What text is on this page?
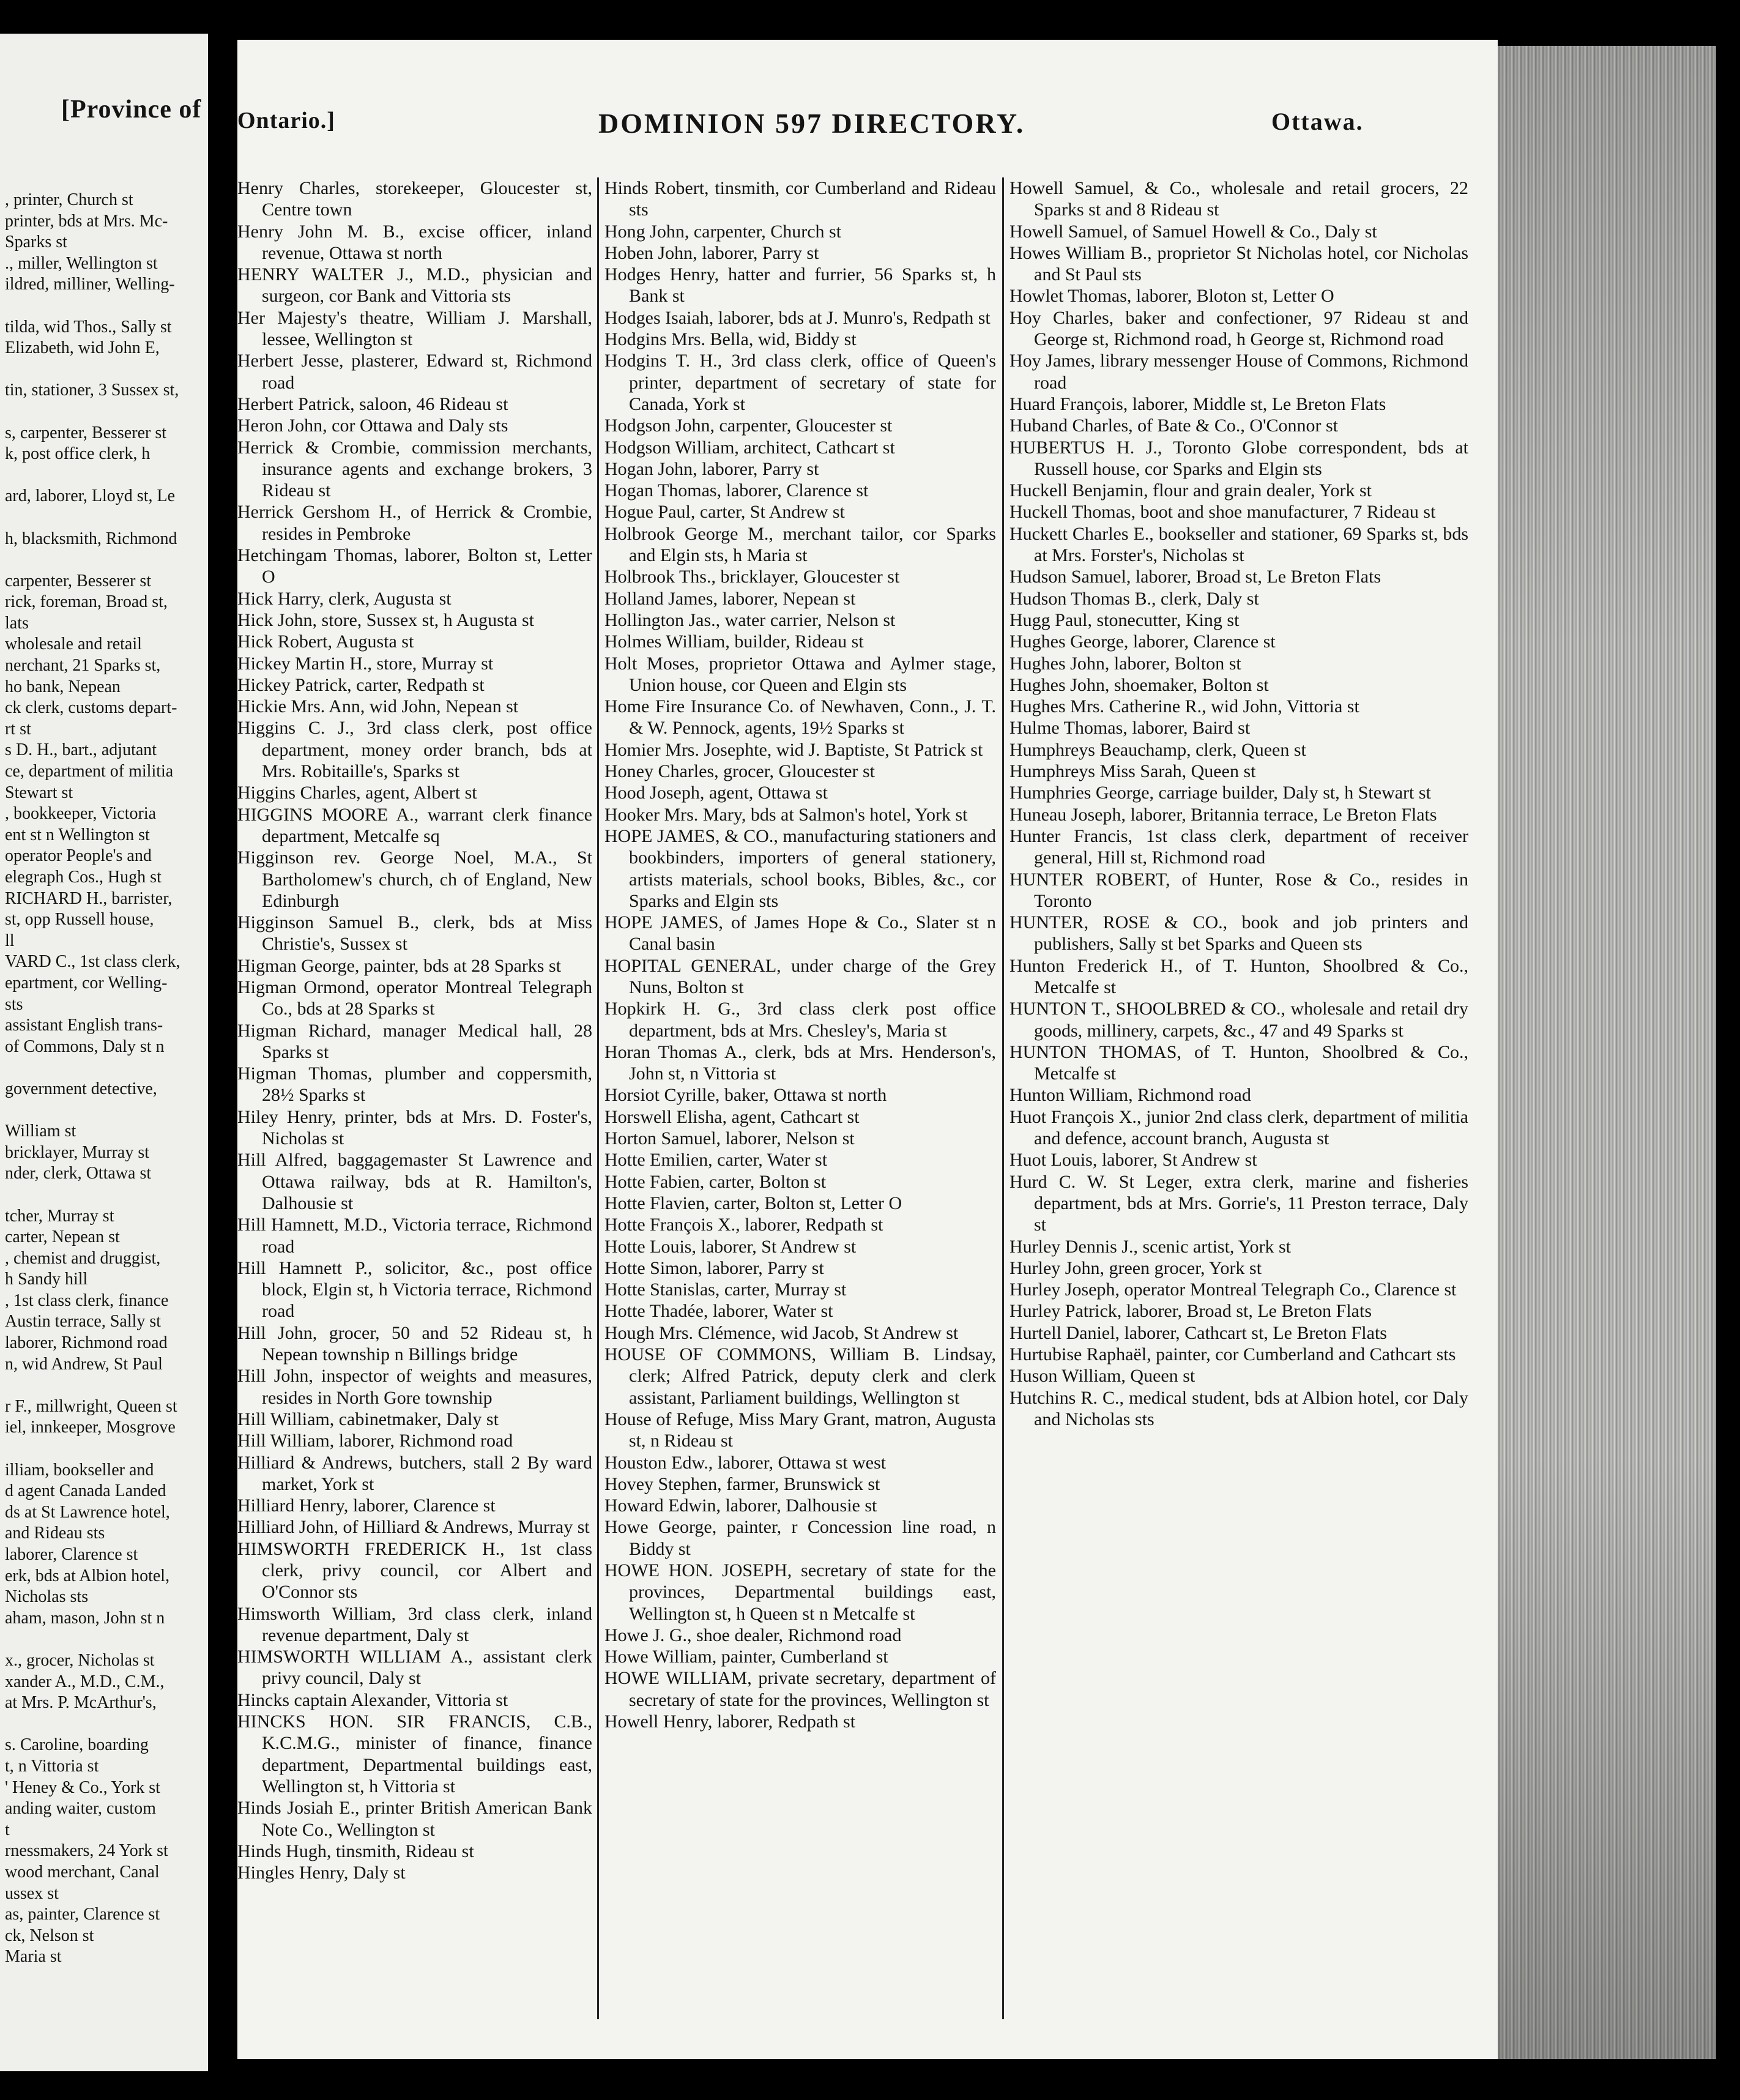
[Province of
, printer, Church st
printer, bds at Mrs. Mc-
Sparks st
., miller, Wellington st
ildred, milliner, Welling-

tilda, wid Thos., Sally st
Elizabeth, wid John E,

tin, stationer, 3 Sussex st,

s, carpenter, Besserer st
k, post office clerk, h

ard, laborer, Lloyd st, Le

h, blacksmith, Richmond

carpenter, Besserer st
rick, foreman, Broad st,
lats
wholesale and retail
nerchant, 21 Sparks st,
ho bank, Nepean
ck clerk, customs depart-
rt st
s D. H., bart., adjutant
ce, department of militia
Stewart st
, bookkeeper, Victoria
ent st n Wellington st
operator People's and
elegraph Cos., Hugh st
RICHARD H., barrister,
st, opp Russell house,
ll
VARD C., 1st class clerk,
epartment, cor Welling-
sts
assistant English trans-
of Commons, Daly st n

government detective,

William st
bricklayer, Murray st
nder, clerk, Ottawa st

tcher, Murray st
carter, Nepean st
, chemist and druggist,
h Sandy hill
, 1st class clerk, finance
Austin terrace, Sally st
laborer, Richmond road
n, wid Andrew, St Paul

r F., millwright, Queen st
iel, innkeeper, Mosgrove

illiam, bookseller and
d agent Canada Landed
ds at St Lawrence hotel,
and Rideau sts
laborer, Clarence st
erk, bds at Albion hotel,
Nicholas sts
aham, mason, John st n

x., grocer, Nicholas st
xander A., M.D., C.M.,
at Mrs. P. McArthur's,

s. Caroline, boarding
t, n Vittoria st
' Heney & Co., York st
anding waiter, custom
t
rnessmakers, 24 York st
wood merchant, Canal
ussex st
as, painter, Clarence st
ck, Nelson st
Maria st
Ontario.]	DOMINION 597 DIRECTORY.	Ottawa.
Henry Charles, storekeeper, Gloucester st, Centre town
Henry John M. B., excise officer, inland revenue, Ottawa st north
HENRY WALTER J., M.D., physician and surgeon, cor Bank and Vittoria sts
Her Majesty's theatre, William J. Marshall, lessee, Wellington st
Herbert Jesse, plasterer, Edward st, Richmond road
Herbert Patrick, saloon, 46 Rideau st
Heron John, cor Ottawa and Daly sts
Herrick & Crombie, commission merchants, insurance agents and exchange brokers, 3 Rideau st
Herrick Gershom H., of Herrick & Crombie, resides in Pembroke
Hetchingam Thomas, laborer, Bolton st, Letter O
Hick Harry, clerk, Augusta st
Hick John, store, Sussex st, h Augusta st
Hick Robert, Augusta st
Hickey Martin H., store, Murray st
Hickey Patrick, carter, Redpath st
Hickie Mrs. Ann, wid John, Nepean st
Higgins C. J., 3rd class clerk, post office department, money order branch, bds at Mrs. Robitaille's, Sparks st
Higgins Charles, agent, Albert st
HIGGINS MOORE A., warrant clerk finance department, Metcalfe sq
Higginson rev. George Noel, M.A., St Bartholomew's church, ch of England, New Edinburgh
Higginson Samuel B., clerk, bds at Miss Christie's, Sussex st
Higman George, painter, bds at 28 Sparks st
Higman Ormond, operator Montreal Telegraph Co., bds at 28 Sparks st
Higman Richard, manager Medical hall, 28 Sparks st
Higman Thomas, plumber and coppersmith, 28½ Sparks st
Hiley Henry, printer, bds at Mrs. D. Foster's, Nicholas st
Hill Alfred, baggagemaster St Lawrence and Ottawa railway, bds at R. Hamilton's, Dalhousie st
Hill Hamnett, M.D., Victoria terrace, Richmond road
Hill Hamnett P., solicitor, &c., post office block, Elgin st, h Victoria terrace, Richmond road
Hill John, grocer, 50 and 52 Rideau st, h Nepean township n Billings bridge
Hill John, inspector of weights and measures, resides in North Gore township
Hill William, cabinetmaker, Daly st
Hill William, laborer, Richmond road
Hilliard & Andrews, butchers, stall 2 By ward market, York st
Hilliard Henry, laborer, Clarence st
Hilliard John, of Hilliard & Andrews, Murray st
HIMSWORTH FREDERICK H., 1st class clerk, privy council, cor Albert and O'Connor sts
Himsworth William, 3rd class clerk, inland revenue department, Daly st
HIMSWORTH WILLIAM A., assistant clerk privy council, Daly st
Hincks captain Alexander, Vittoria st
HINCKS HON. SIR FRANCIS, C.B., K.C.M.G., minister of finance, finance department, Departmental buildings east, Wellington st, h Vittoria st
Hinds Josiah E., printer British American Bank Note Co., Wellington st
Hinds Hugh, tinsmith, Rideau st
Hingles Henry, Daly st
Hinds Robert, tinsmith, cor Cumberland and Rideau sts
Hong John, carpenter, Church st
Hoben John, laborer, Parry st
Hodges Henry, hatter and furrier, 56 Sparks st, h Bank st
Hodges Isaiah, laborer, bds at J. Munro's, Redpath st
Hodgins Mrs. Bella, wid, Biddy st
Hodgins T. H., 3rd class clerk, office of Queen's printer, department of secretary of state for Canada, York st
Hodgson John, carpenter, Gloucester st
Hodgson William, architect, Cathcart st
Hogan John, laborer, Parry st
Hogan Thomas, laborer, Clarence st
Hogue Paul, carter, St Andrew st
Holbrook George M., merchant tailor, cor Sparks and Elgin sts, h Maria st
Holbrook Ths., bricklayer, Gloucester st
Holland James, laborer, Nepean st
Hollington Jas., water carrier, Nelson st
Holmes William, builder, Rideau st
Holt Moses, proprietor Ottawa and Aylmer stage, Union house, cor Queen and Elgin sts
Home Fire Insurance Co. of Newhaven, Conn., J. T. & W. Pennock, agents, 19½ Sparks st
Homier Mrs. Josephte, wid J. Baptiste, St Patrick st
Honey Charles, grocer, Gloucester st
Hood Joseph, agent, Ottawa st
Hooker Mrs. Mary, bds at Salmon's hotel, York st
HOPE JAMES, & CO., manufacturing stationers and bookbinders, importers of general stationery, artists materials, school books, Bibles, &c., cor Sparks and Elgin sts
HOPE JAMES, of James Hope & Co., Slater st n Canal basin
HOPITAL GENERAL, under charge of the Grey Nuns, Bolton st
Hopkirk H. G., 3rd class clerk post office department, bds at Mrs. Chesley's, Maria st
Horan Thomas A., clerk, bds at Mrs. Henderson's, John st, n Vittoria st
Horsiot Cyrille, baker, Ottawa st north
Horswell Elisha, agent, Cathcart st
Horton Samuel, laborer, Nelson st
Hotte Emilien, carter, Water st
Hotte Fabien, carter, Bolton st
Hotte Flavien, carter, Bolton st, Letter O
Hotte François X., laborer, Redpath st
Hotte Louis, laborer, St Andrew st
Hotte Simon, laborer, Parry st
Hotte Stanislas, carter, Murray st
Hotte Thadée, laborer, Water st
Hough Mrs. Clémence, wid Jacob, St Andrew st
HOUSE OF COMMONS, William B. Lindsay, clerk; Alfred Patrick, deputy clerk and clerk assistant, Parliament buildings, Wellington st
House of Refuge, Miss Mary Grant, matron, Augusta st, n Rideau st
Houston Edw., laborer, Ottawa st west
Hovey Stephen, farmer, Brunswick st
Howard Edwin, laborer, Dalhousie st
Howe George, painter, r Concession line road, n Biddy st
HOWE HON. JOSEPH, secretary of state for the provinces, Departmental buildings east, Wellington st, h Queen st n Metcalfe st
Howe J. G., shoe dealer, Richmond road
Howe William, painter, Cumberland st
HOWE WILLIAM, private secretary, department of secretary of state for the provinces, Wellington st
Howell Henry, laborer, Redpath st
Howell Samuel, & Co., wholesale and retail grocers, 22 Sparks st and 8 Rideau st
Howell Samuel, of Samuel Howell & Co., Daly st
Howes William B., proprietor St Nicholas hotel, cor Nicholas and St Paul sts
Howlet Thomas, laborer, Bloton st, Letter O
Hoy Charles, baker and confectioner, 97 Rideau st and George st, Richmond road, h George st, Richmond road
Hoy James, library messenger House of Commons, Richmond road
Huard François, laborer, Middle st, Le Breton Flats
Huband Charles, of Bate & Co., O'Connor st
HUBERTUS H. J., Toronto Globe correspondent, bds at Russell house, cor Sparks and Elgin sts
Huckell Benjamin, flour and grain dealer, York st
Huckell Thomas, boot and shoe manufacturer, 7 Rideau st
Huckett Charles E., bookseller and stationer, 69 Sparks st, bds at Mrs. Forster's, Nicholas st
Hudson Samuel, laborer, Broad st, Le Breton Flats
Hudson Thomas B., clerk, Daly st
Hugg Paul, stonecutter, King st
Hughes George, laborer, Clarence st
Hughes John, laborer, Bolton st
Hughes John, shoemaker, Bolton st
Hughes Mrs. Catherine R., wid John, Vittoria st
Hulme Thomas, laborer, Baird st
Humphreys Beauchamp, clerk, Queen st
Humphreys Miss Sarah, Queen st
Humphries George, carriage builder, Daly st, h Stewart st
Huneau Joseph, laborer, Britannia terrace, Le Breton Flats
Hunter Francis, 1st class clerk, department of receiver general, Hill st, Richmond road
HUNTER ROBERT, of Hunter, Rose & Co., resides in Toronto
HUNTER, ROSE & CO., book and job printers and publishers, Sally st bet Sparks and Queen sts
Hunton Frederick H., of T. Hunton, Shoolbred & Co., Metcalfe st
HUNTON T., SHOOLBRED & CO., wholesale and retail dry goods, millinery, carpets, &c., 47 and 49 Sparks st
HUNTON THOMAS, of T. Hunton, Shoolbred & Co., Metcalfe st
Hunton William, Richmond road
Huot François X., junior 2nd class clerk, department of militia and defence, account branch, Augusta st
Huot Louis, laborer, St Andrew st
Hurd C. W. St Leger, extra clerk, marine and fisheries department, bds at Mrs. Gorrie's, 11 Preston terrace, Daly st
Hurley Dennis J., scenic artist, York st
Hurley John, green grocer, York st
Hurley Joseph, operator Montreal Telegraph Co., Clarence st
Hurley Patrick, laborer, Broad st, Le Breton Flats
Hurtell Daniel, laborer, Cathcart st, Le Breton Flats
Hurtubise Raphaël, painter, cor Cumberland and Cathcart sts
Huson William, Queen st
Hutchins R. C., medical student, bds at Albion hotel, cor Daly and Nicholas sts
